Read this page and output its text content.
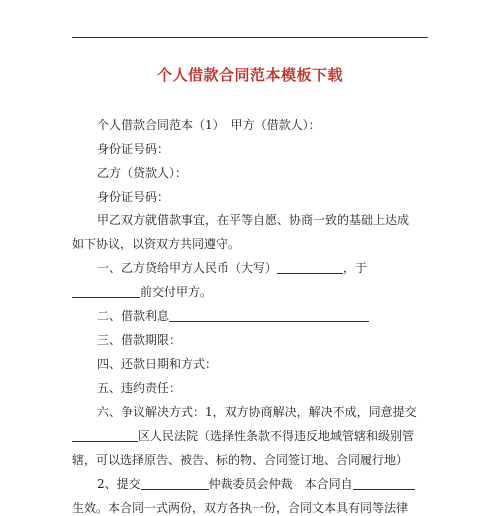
个人借款合同范本模板下载
个人借款合同范本（1）　甲方（借款人）：
身份证号码：
乙方（贷款人）：
身份证号码：
甲乙双方就借款事宜，在平等自愿、协商一致的基础上达成
如下协议，以资双方共同遵守。
一、乙方贷给甲方人民币（大写）	，于
前交付甲方。
二、借款利息
三、借款期限：
四、还款日期和方式：
五、违约责任：
六、争议解决方式：1，双方协商解决，解决不成，同意提交
区人民法院（选择性条款不得违反地域管辖和级别管
辖，可以选择原告、被告、标的物、合同签订地、合同履行地）
2、提交	仲裁委员会仲裁　本合同自
生效。本合同一式两份，双方各执一份，合同文本具有同等法律
